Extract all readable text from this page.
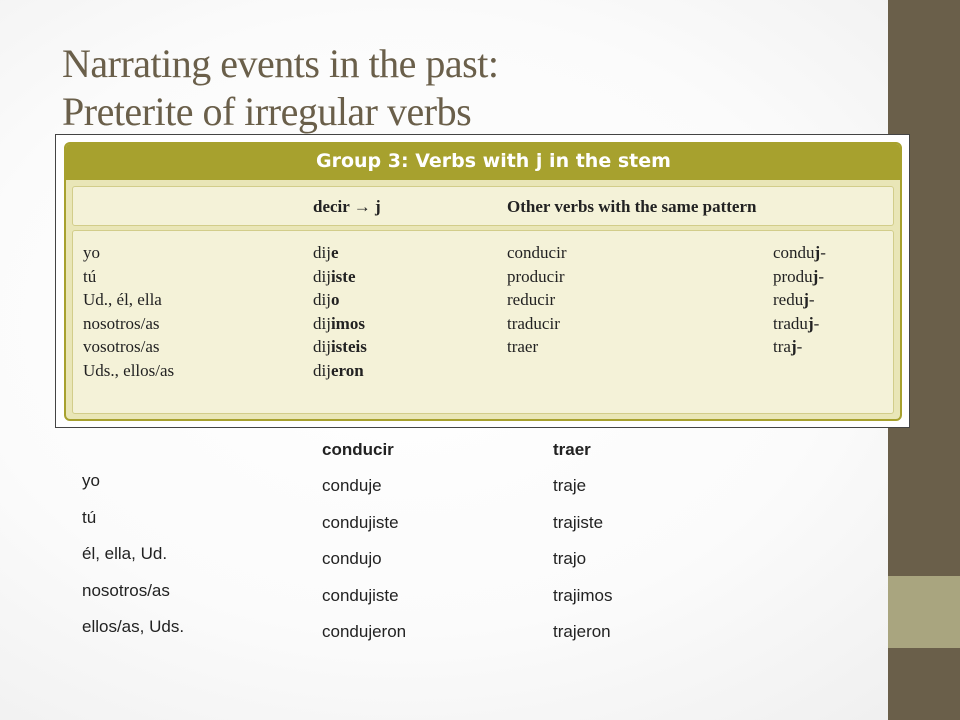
Narrating events in the past:
Preterite of irregular verbs
Group 3: Verbs with j in the stem
decir → j	Other verbs with the same pattern
yo
tú
Ud., él, ella
nosotros/as
vosotros/as
Uds., ellos/as
dije
dijiste
dijo
dijimos
dijisteis
dijeron
conducir
producir
reducir
traducir
traer
conduj-
produj-
reduj-
traduj-
traj-
conducir	traer
yo
tú
él, ella, Ud.
nosotros/as
ellos/as, Uds.
conduje
condujiste
condujo
condujiste
condujeron
traje
trajiste
trajo
trajimos
trajeron
